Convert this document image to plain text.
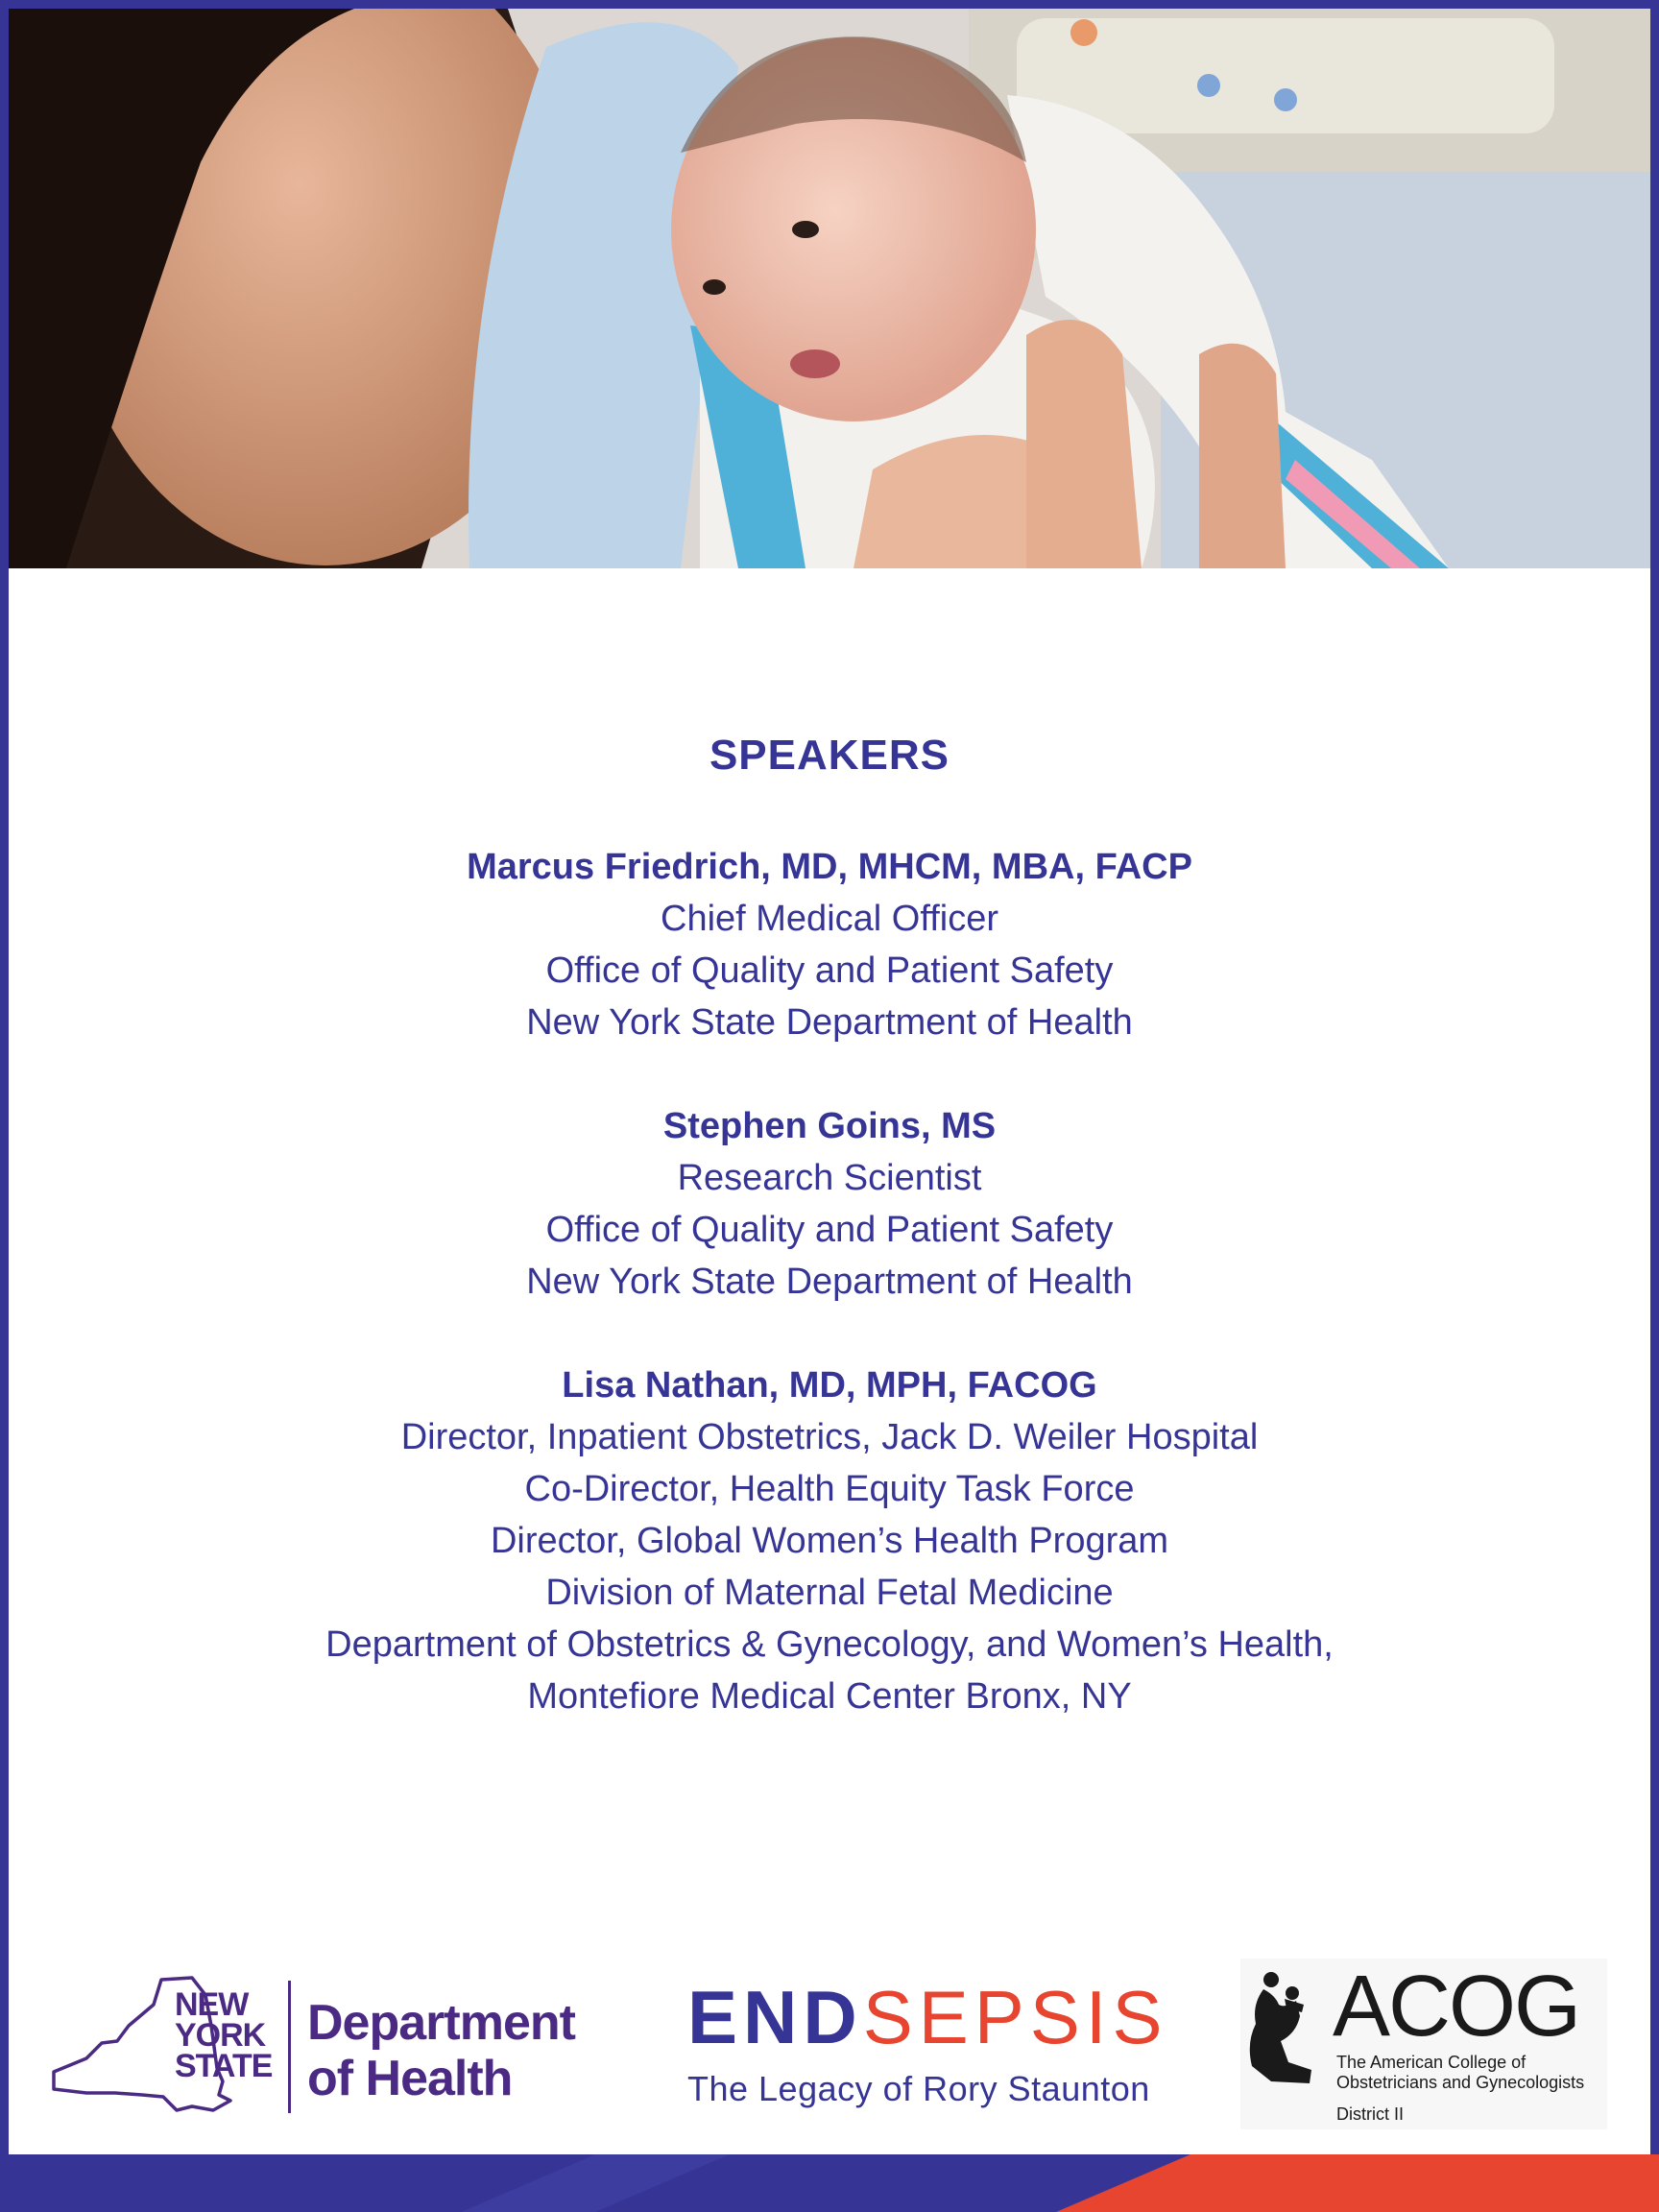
SPEAKERS
Marcus Friedrich, MD, MHCM, MBA, FACP
Chief Medical Officer
Office of Quality and Patient Safety
New York State Department of Health
Stephen Goins, MS
Research Scientist
Office of Quality and Patient Safety
New York State Department of Health
Lisa Nathan, MD, MPH, FACOG
Director, Inpatient Obstetrics, Jack D. Weiler Hospital
Co-Director, Health Equity Task Force
Director, Global Women’s Health Program
Division of Maternal Fetal Medicine
Department of Obstetrics & Gynecology, and Women’s Health,
Montefiore Medical Center Bronx, NY
NEW
YORK
STATE
Department
of Health
ENDSEPSIS
The Legacy of Rory Staunton
ACOG
The American College of
Obstetricians and Gynecologists
District II
